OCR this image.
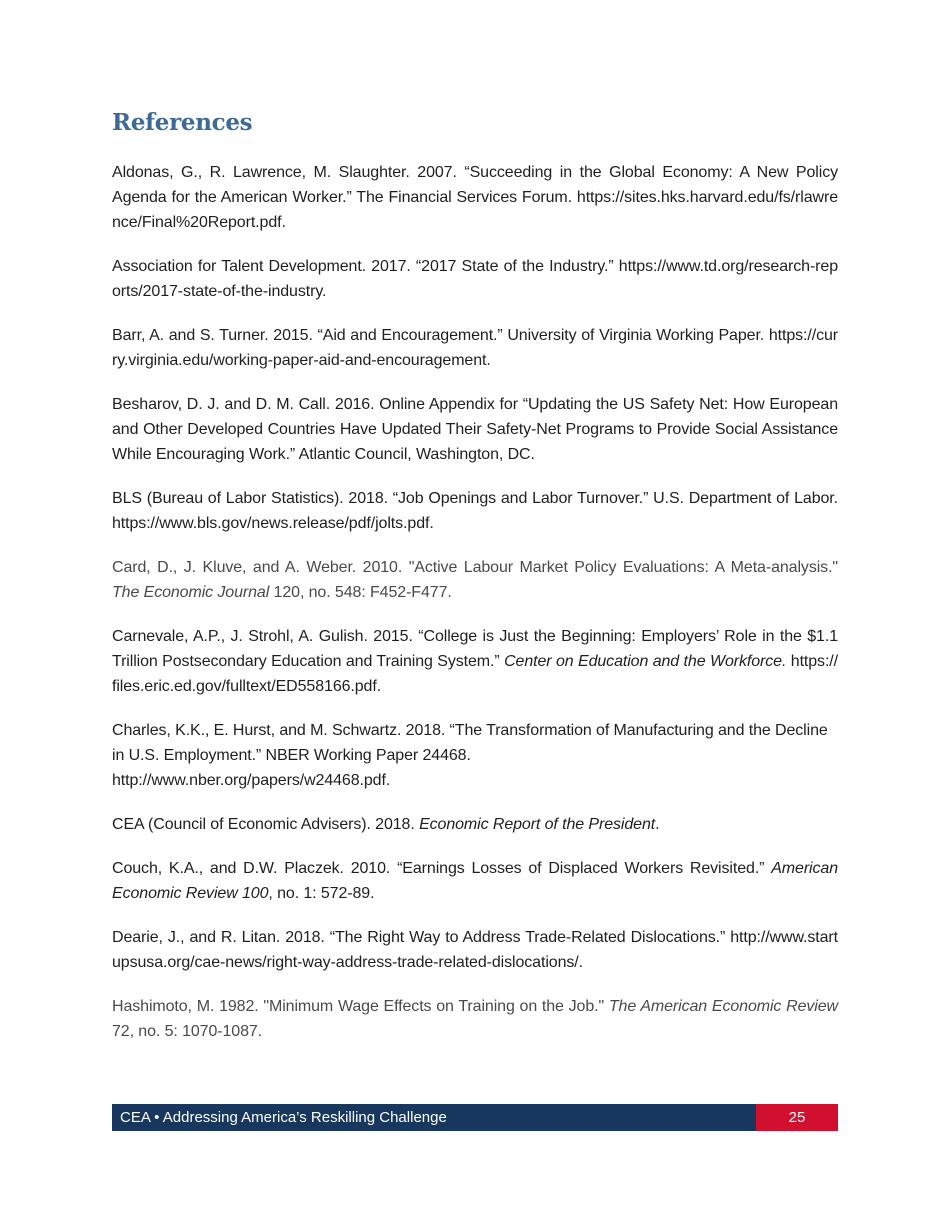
References
Aldonas, G., R. Lawrence, M. Slaughter. 2007. “Succeeding in the Global Economy: A New Policy Agenda for the American Worker.” The Financial Services Forum. https://sites.hks.harvard.edu/fs/rlawrence/Final%20Report.pdf.
Association for Talent Development. 2017. “2017 State of the Industry.” https://www.td.org/research-reports/2017-state-of-the-industry.
Barr, A. and S. Turner. 2015. “Aid and Encouragement.” University of Virginia Working Paper. https://curry.virginia.edu/working-paper-aid-and-encouragement.
Besharov, D. J. and D. M. Call. 2016. Online Appendix for “Updating the US Safety Net: How European and Other Developed Countries Have Updated Their Safety-Net Programs to Provide Social Assistance While Encouraging Work.” Atlantic Council, Washington, DC.
BLS (Bureau of Labor Statistics). 2018. “Job Openings and Labor Turnover.” U.S. Department of Labor. https://www.bls.gov/news.release/pdf/jolts.pdf.
Card, D., J. Kluve, and A. Weber. 2010. "Active Labour Market Policy Evaluations: A Meta-analysis." The Economic Journal 120, no. 548: F452-F477.
Carnevale, A.P., J. Strohl, A. Gulish. 2015. “College is Just the Beginning: Employers’ Role in the $1.1 Trillion Postsecondary Education and Training System.” Center on Education and the Workforce. https://files.eric.ed.gov/fulltext/ED558166.pdf.
Charles, K.K., E. Hurst, and M. Schwartz. 2018. “The Transformation of Manufacturing and the Decline in U.S. Employment.” NBER Working Paper 24468.
http://www.nber.org/papers/w24468.pdf.
CEA (Council of Economic Advisers). 2018. Economic Report of the President.
Couch, K.A., and D.W. Placzek. 2010. “Earnings Losses of Displaced Workers Revisited.” American Economic Review 100, no. 1: 572-89.
Dearie, J., and R. Litan. 2018. “The Right Way to Address Trade-Related Dislocations.” http://www.startupsusa.org/cae-news/right-way-address-trade-related-dislocations/.
Hashimoto, M. 1982. "Minimum Wage Effects on Training on the Job." The American Economic Review 72, no. 5: 1070-1087.
CEA • Addressing America’s Reskilling Challenge	25
